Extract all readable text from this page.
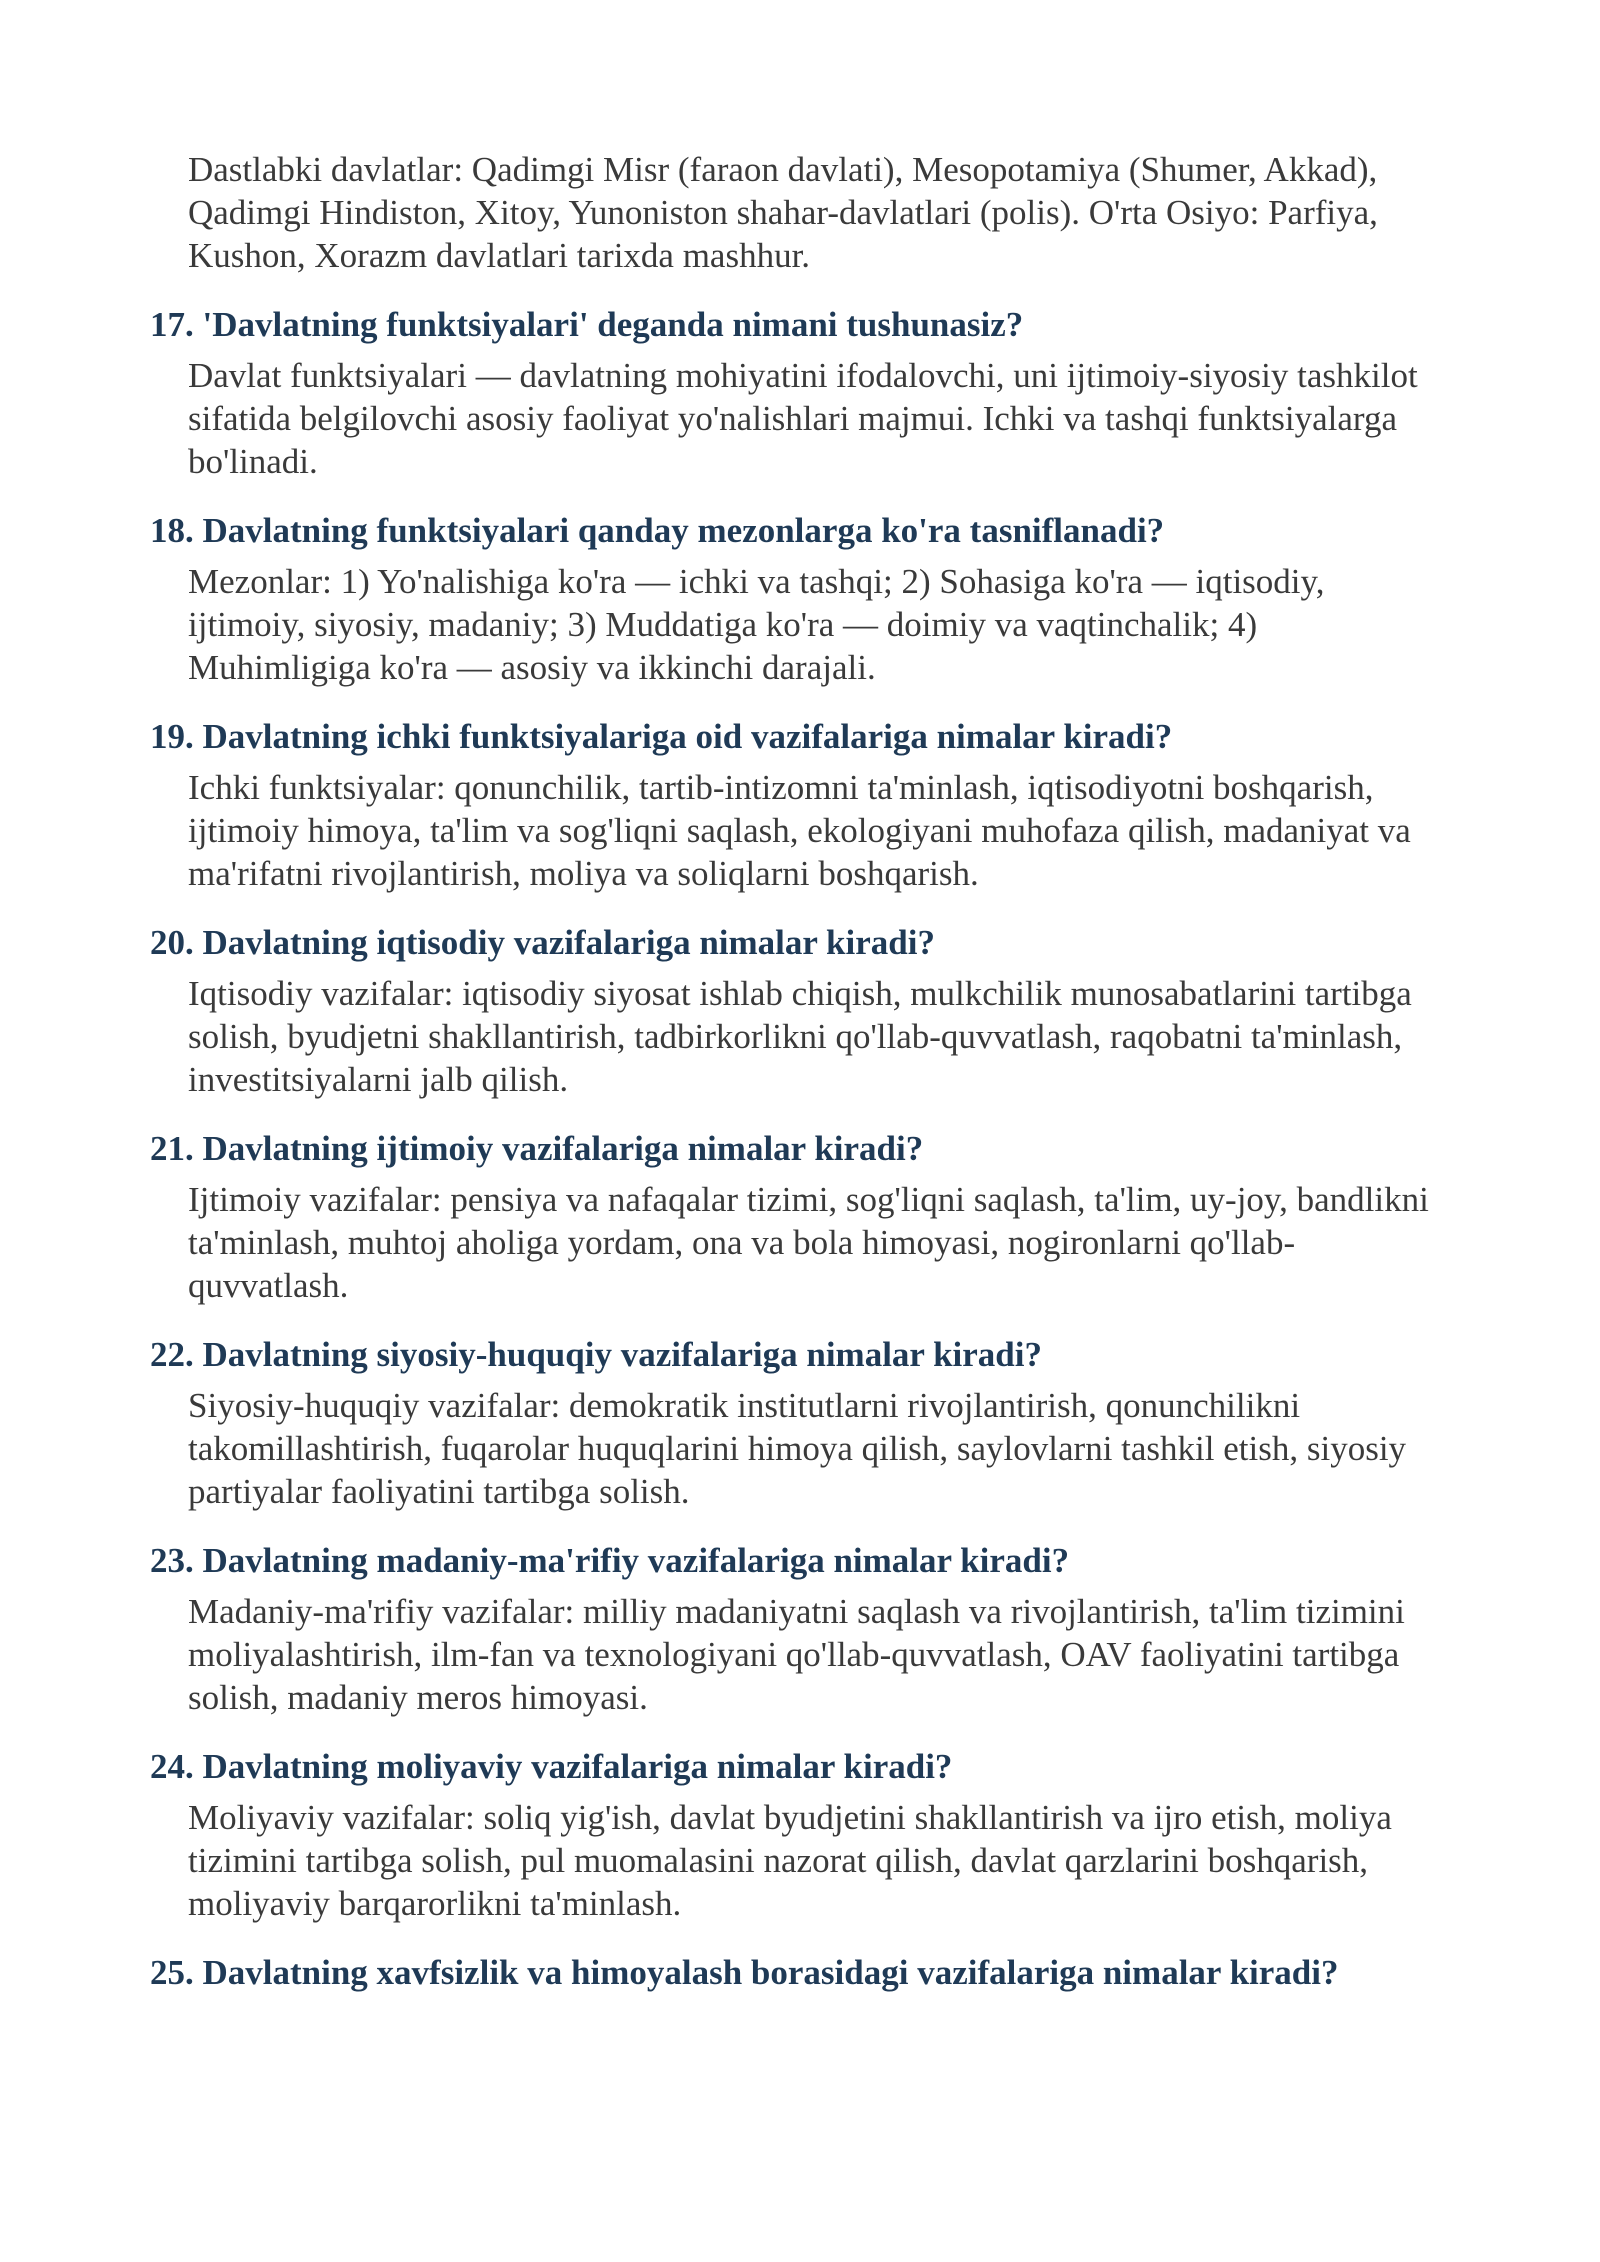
Dastlabki davlatlar: Qadimgi Misr (faraon davlati), Mesopotamiya (Shumer, Akkad), Qadimgi Hindiston, Xitoy, Yunoniston shahar-davlatlari (polis). O'rta Osiyo: Parfiya, Kushon, Xorazm davlatlari tarixda mashhur.

17. 'Davlatning funktsiyalari' deganda nimani tushunasiz?

Davlat funktsiyalari — davlatning mohiyatini ifodalovchi, uni ijtimoiy-siyosiy tashkilot sifatida belgilovchi asosiy faoliyat yo'nalishlari majmui. Ichki va tashqi funktsiyalarga bo'linadi.

18. Davlatning funktsiyalari qanday mezonlarga ko'ra tasniflanadi?

Mezonlar: 1) Yo'nalishiga ko'ra — ichki va tashqi; 2) Sohasiga ko'ra — iqtisodiy, ijtimoiy, siyosiy, madaniy; 3) Muddatiga ko'ra — doimiy va vaqtinchalik; 4) Muhimligiga ko'ra — asosiy va ikkinchi darajali.

19. Davlatning ichki funktsiyalariga oid vazifalariga nimalar kiradi?

Ichki funktsiyalar: qonunchilik, tartib-intizomni ta'minlash, iqtisodiyotni boshqarish, ijtimoiy himoya, ta'lim va sog'liqni saqlash, ekologiyani muhofaza qilish, madaniyat va ma'rifatni rivojlantirish, moliya va soliqlarni boshqarish.

20. Davlatning iqtisodiy vazifalariga nimalar kiradi?

Iqtisodiy vazifalar: iqtisodiy siyosat ishlab chiqish, mulkchilik munosabatlarini tartibga solish, byudjetni shakllantirish, tadbirkorlikni qo'llab-quvvatlash, raqobatni ta'minlash, investitsiyalarni jalb qilish.

21. Davlatning ijtimoiy vazifalariga nimalar kiradi?

Ijtimoiy vazifalar: pensiya va nafaqalar tizimi, sog'liqni saqlash, ta'lim, uy-joy, bandlikni ta'minlash, muhtoj aholiga yordam, ona va bola himoyasi, nogironlarni qo'llab-quvvatlash.

22. Davlatning siyosiy-huquqiy vazifalariga nimalar kiradi?

Siyosiy-huquqiy vazifalar: demokratik institutlarni rivojlantirish, qonunchilikni takomillashtirish, fuqarolar huquqlarini himoya qilish, saylovlarni tashkil etish, siyosiy partiyalar faoliyatini tartibga solish.

23. Davlatning madaniy-ma'rifiy vazifalariga nimalar kiradi?

Madaniy-ma'rifiy vazifalar: milliy madaniyatni saqlash va rivojlantirish, ta'lim tizimini moliyalashtirish, ilm-fan va texnologiyani qo'llab-quvvatlash, OAV faoliyatini tartibga solish, madaniy meros himoyasi.

24. Davlatning moliyaviy vazifalariga nimalar kiradi?

Moliyaviy vazifalar: soliq yig'ish, davlat byudjetini shakllantirish va ijro etish, moliya tizimini tartibga solish, pul muomalasini nazorat qilish, davlat qarzlarini boshqarish, moliyaviy barqarorlikni ta'minlash.

25. Davlatning xavfsizlik va himoyalash borasidagi vazifalariga nimalar kiradi?
